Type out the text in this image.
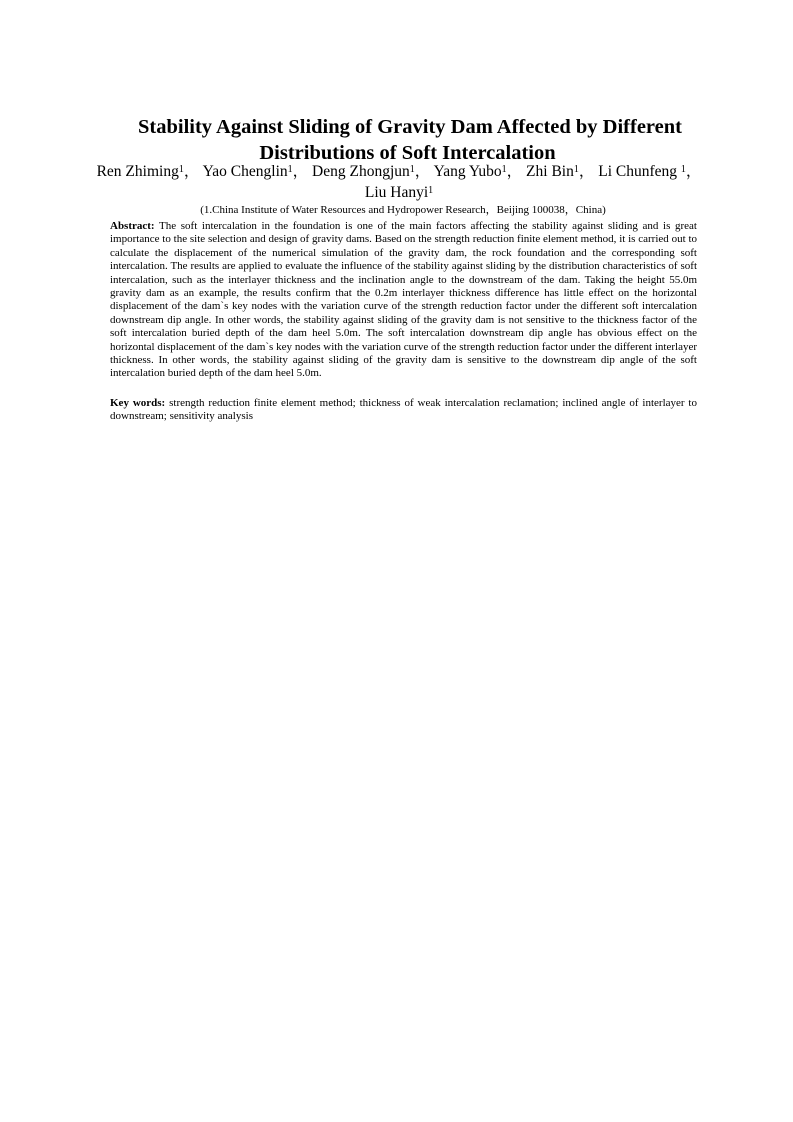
Stability Against Sliding of Gravity Dam Affected by Different
Distributions of Soft Intercalation
Ren Zhiming$^1$， Yao Chenglin$^1$， Deng Zhongjun$^1$， Yang Yubo$^1$， Zhi Bin$^1$， Li Chunfeng $^1$，
Liu Hanyi$^1$
(1.China Institute of Water Resources and Hydropower Research，Beijing 100038，China)

Abstract: The soft intercalation in the foundation is one of the main factors affecting the stability against sliding and is great importance to the site selection and design of gravity dams. Based on the strength reduction finite element method, it is carried out to calculate the displacement of the numerical simulation of the gravity dam, the rock foundation and the corresponding soft intercalation. The results are applied to evaluate the influence of the stability against sliding by the distribution characteristics of soft intercalation, such as the interlayer thickness and the inclination angle to the downstream of the dam. Taking the height 55.0m gravity dam as an example, the results confirm that the 0.2m interlayer thickness difference has little effect on the horizontal displacement of the dam`s key nodes with the variation curve of the strength reduction factor under the different soft intercalation downstream dip angle. In other words, the stability against sliding of the gravity dam is not sensitive to the thickness factor of the soft intercalation buried depth of the dam heel 5.0m. The soft intercalation downstream dip angle has obvious effect on the horizontal displacement of the dam`s key nodes with the variation curve of the strength reduction factor under the different interlayer thickness. In other words, the stability against sliding of the gravity dam is sensitive to the downstream dip angle of the soft intercalation buried depth of the dam heel 5.0m.

Key words: strength reduction finite element method; thickness of weak intercalation reclamation; inclined angle of interlayer to downstream; sensitivity analysis
